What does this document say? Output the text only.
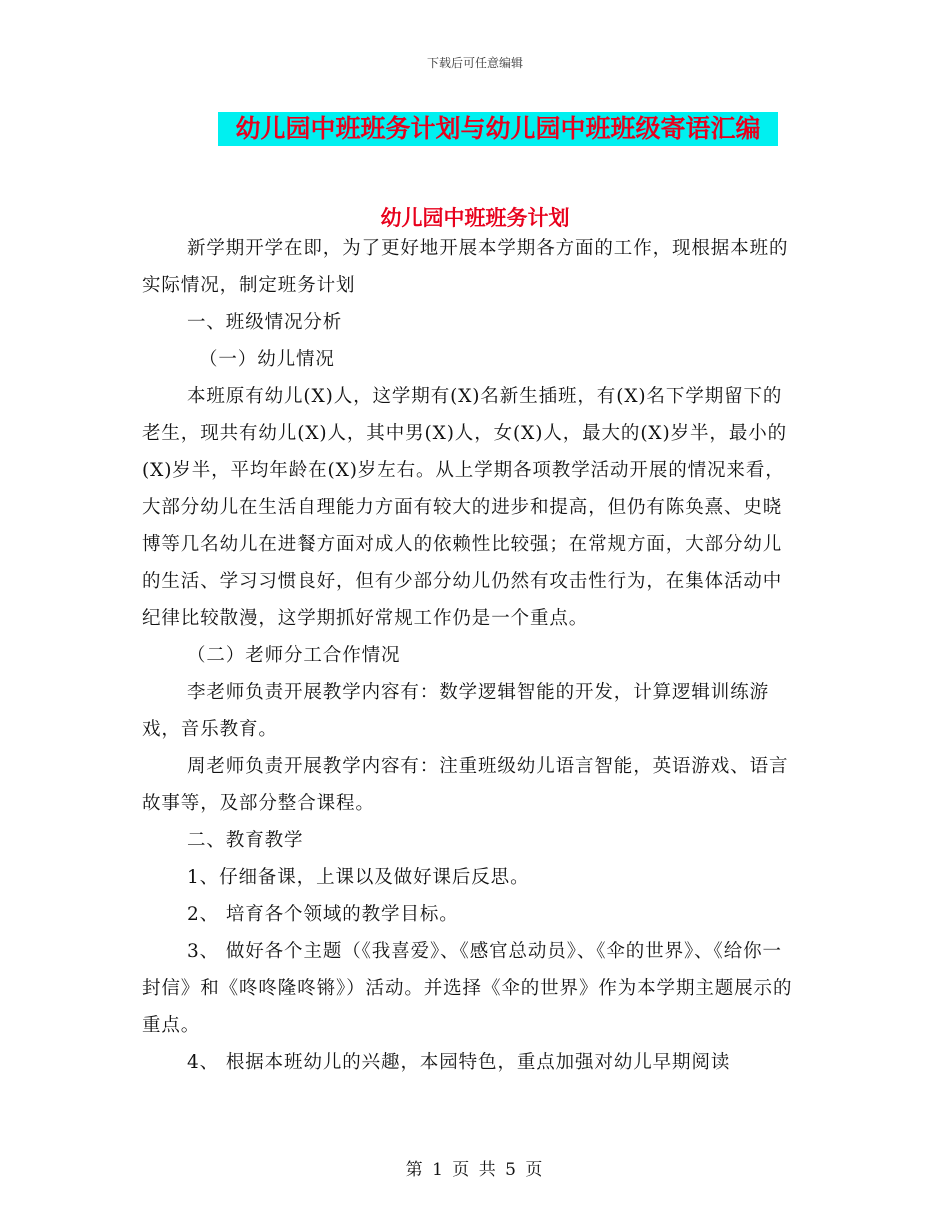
下载后可任意编辑
幼儿园中班班务计划与幼儿园中班班级寄语汇编
幼儿园中班班务计划

新学期开学在即，为了更好地开展本学期各方面的工作，现根据本班的实际情况，制定班务计划

一、班级情况分析

（一）幼儿情况

本班原有幼儿(X)人，这学期有(X)名新生插班，有(X)名下学期留下的老生，现共有幼儿(X)人，其中男(X)人，女(X)人，最大的(X)岁半，最小的(X)岁半，平均年龄在(X)岁左右。从上学期各项教学活动开展的情况来看，大部分幼儿在生活自理能力方面有较大的进步和提高，但仍有陈奂熹、史晓博等几名幼儿在进餐方面对成人的依赖性比较强；在常规方面，大部分幼儿的生活、学习习惯良好，但有少部分幼儿仍然有攻击性行为，在集体活动中纪律比较散漫，这学期抓好常规工作仍是一个重点。

（二）老师分工合作情况

李老师负责开展教学内容有：数学逻辑智能的开发，计算逻辑训练游戏，音乐教育。

周老师负责开展教学内容有：注重班级幼儿语言智能，英语游戏、语言故事等，及部分整合课程。

二、教育教学

1、仔细备课，上课以及做好课后反思。

2、 培育各个领域的教学目标。

3、 做好各个主题（《我喜爱》、《感官总动员》、《伞的世界》、《给你一封信》和《咚咚隆咚锵》）活动。并选择《伞的世界》作为本学期主题展示的重点。

4、 根据本班幼儿的兴趣，本园特色，重点加强对幼儿早期阅读

第 1 页 共 5 页
